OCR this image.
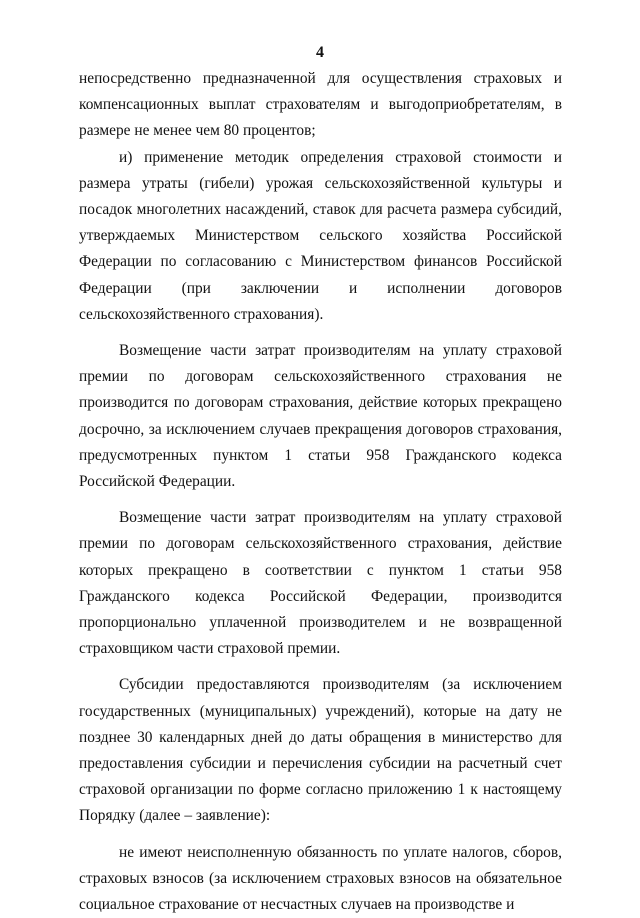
4

непосредственно предназначенной для осуществления страховых и компенсационных выплат страхователям и выгодоприобретателям, в размере не менее чем 80 процентов;

и) применение методик определения страховой стоимости и размера утраты (гибели) урожая сельскохозяйственной культуры и посадок многолетних насаждений, ставок для расчета размера субсидий, утверждаемых Министерством сельского хозяйства Российской Федерации по согласованию с Министерством финансов Российской Федерации (при заключении и исполнении договоров сельскохозяйственного страхования).

Возмещение части затрат производителям на уплату страховой премии по договорам сельскохозяйственного страхования не производится по договорам страхования, действие которых прекращено досрочно, за исключением случаев прекращения договоров страхования, предусмотренных пунктом 1 статьи 958 Гражданского кодекса Российской Федерации.

Возмещение части затрат производителям на уплату страховой премии по договорам сельскохозяйственного страхования, действие которых прекращено в соответствии с пунктом 1 статьи 958 Гражданского кодекса Российской Федерации, производится пропорционально уплаченной производителем и не возвращенной страховщиком части страховой премии.

Субсидии предоставляются производителям (за исключением государственных (муниципальных) учреждений), которые на дату не позднее 30 календарных дней до даты обращения в министерство для предоставления субсидии и перечисления субсидии на расчетный счет страховой организации по форме согласно приложению 1 к настоящему Порядку (далее – заявление):

не имеют неисполненную обязанность по уплате налогов, сборов, страховых взносов (за исключением страховых взносов на обязательное социальное страхование от несчастных случаев на производстве и
